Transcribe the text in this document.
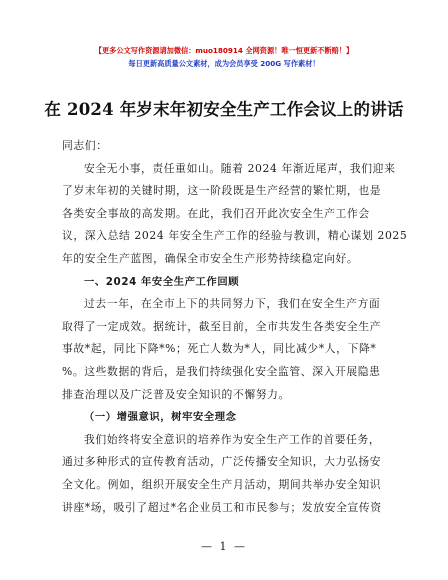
【更多公文写作资源请加微信：muo180914 全网资源！唯一恒更新不断赔！】
每日更新高质量公文素材，成为会员享受 200G 写作素材！
在 2024 年岁末年初安全生产工作会议上的讲话
同志们：
安全无小事，责任重如山。随着 2024 年渐近尾声，我们迎来
了岁末年初的关键时期，这一阶段既是生产经营的繁忙期，也是
各类安全事故的高发期。在此，我们召开此次安全生产工作会
议，深入总结 2024 年安全生产工作的经验与教训，精心谋划 2025
年的安全生产蓝图，确保全市安全生产形势持续稳定向好。
一、2024 年安全生产工作回顾
过去一年，在全市上下的共同努力下，我们在安全生产方面
取得了一定成效。据统计，截至目前，全市共发生各类安全生产
事故*起，同比下降*%；死亡人数为*人，同比减少*人，下降*
%。这些数据的背后，是我们持续强化安全监管、深入开展隐患
排查治理以及广泛普及安全知识的不懈努力。
（一）增强意识，树牢安全理念
我们始终将安全意识的培养作为安全生产工作的首要任务，
通过多种形式的宣传教育活动，广泛传播安全知识，大力弘扬安
全文化。例如，组织开展安全生产月活动，期间共举办安全知识
讲座*场，吸引了超过*名企业员工和市民参与；发放安全宣传资
— 1 —
